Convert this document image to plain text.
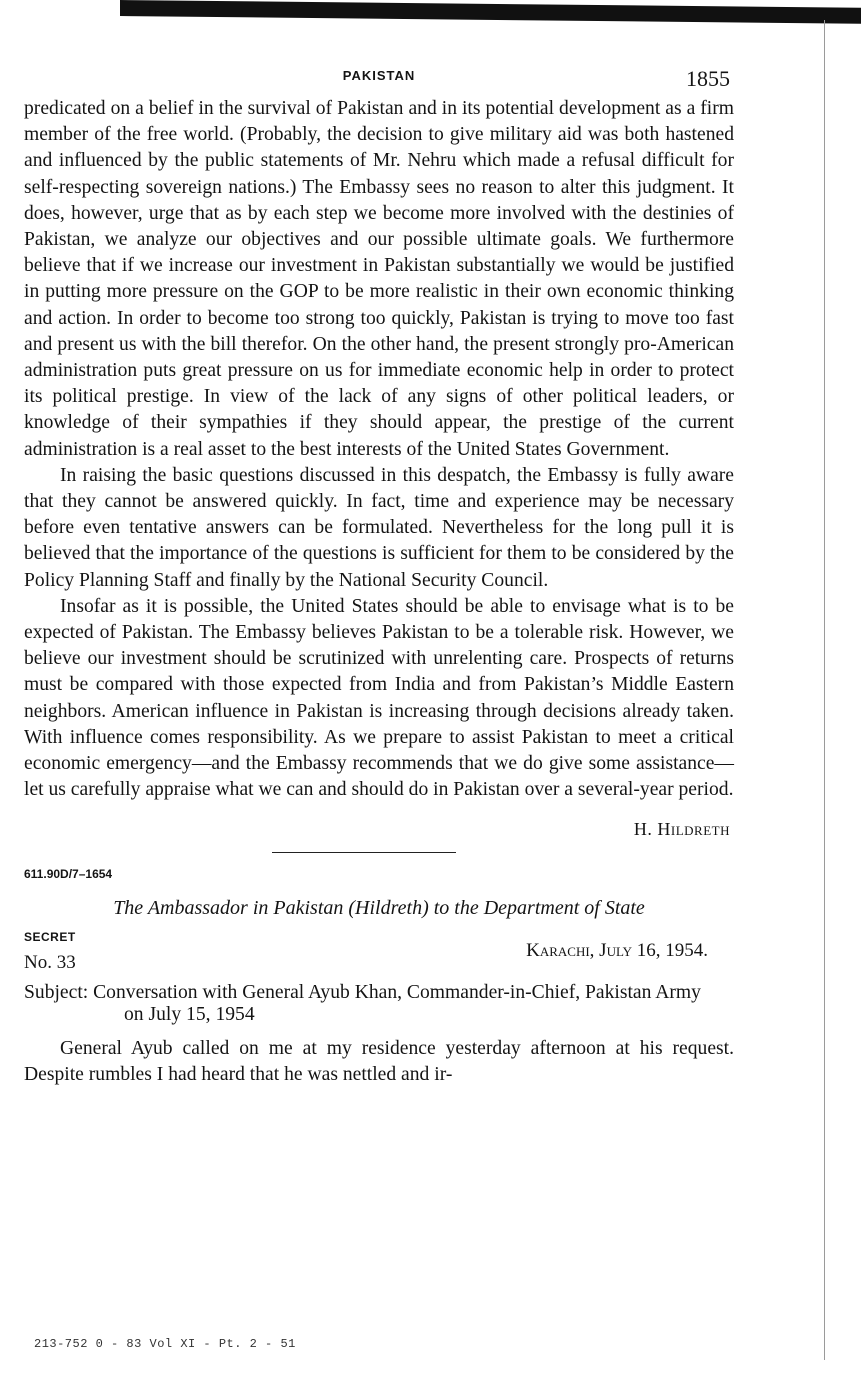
PAKISTAN	1855

predicated on a belief in the survival of Pakistan and in its potential development as a firm member of the free world. (Probably, the decision to give military aid was both hastened and influenced by the public statements of Mr. Nehru which made a refusal difficult for self-respecting sovereign nations.) The Embassy sees no reason to alter this judgment. It does, however, urge that as by each step we become more involved with the destinies of Pakistan, we analyze our objectives and our possible ultimate goals. We furthermore believe that if we increase our investment in Pakistan substantially we would be justified in putting more pressure on the GOP to be more realistic in their own economic thinking and action. In order to become too strong too quickly, Pakistan is trying to move too fast and present us with the bill therefor. On the other hand, the present strongly pro-American administration puts great pressure on us for immediate economic help in order to protect its political prestige. In view of the lack of any signs of other political leaders, or knowledge of their sympathies if they should appear, the prestige of the current administration is a real asset to the best interests of the United States Government.

In raising the basic questions discussed in this despatch, the Embassy is fully aware that they cannot be answered quickly. In fact, time and experience may be necessary before even tentative answers can be formulated. Nevertheless for the long pull it is believed that the importance of the questions is sufficient for them to be considered by the Policy Planning Staff and finally by the National Security Council.

Insofar as it is possible, the United States should be able to envisage what is to be expected of Pakistan. The Embassy believes Pakistan to be a tolerable risk. However, we believe our investment should be scrutinized with unrelenting care. Prospects of returns must be compared with those expected from India and from Pakistan’s Middle Eastern neighbors. American influence in Pakistan is increasing through decisions already taken. With influence comes responsibility. As we prepare to assist Pakistan to meet a critical economic emergency—and the Embassy recommends that we do give some assistance—let us carefully appraise what we can and should do in Pakistan over a several-year period.

H. Hildreth
611.90D/7–1654
The Ambassador in Pakistan (Hildreth) to the Department of State
SECRET
No. 33
Karachi, July 16, 1954.
Subject: Conversation with General Ayub Khan, Commander-in-Chief, Pakistan Army on July 15, 1954

General Ayub called on me at my residence yesterday afternoon at his request. Despite rumbles I had heard that he was nettled and ir-

213-752 0 - 83 Vol XI - Pt. 2 - 51
